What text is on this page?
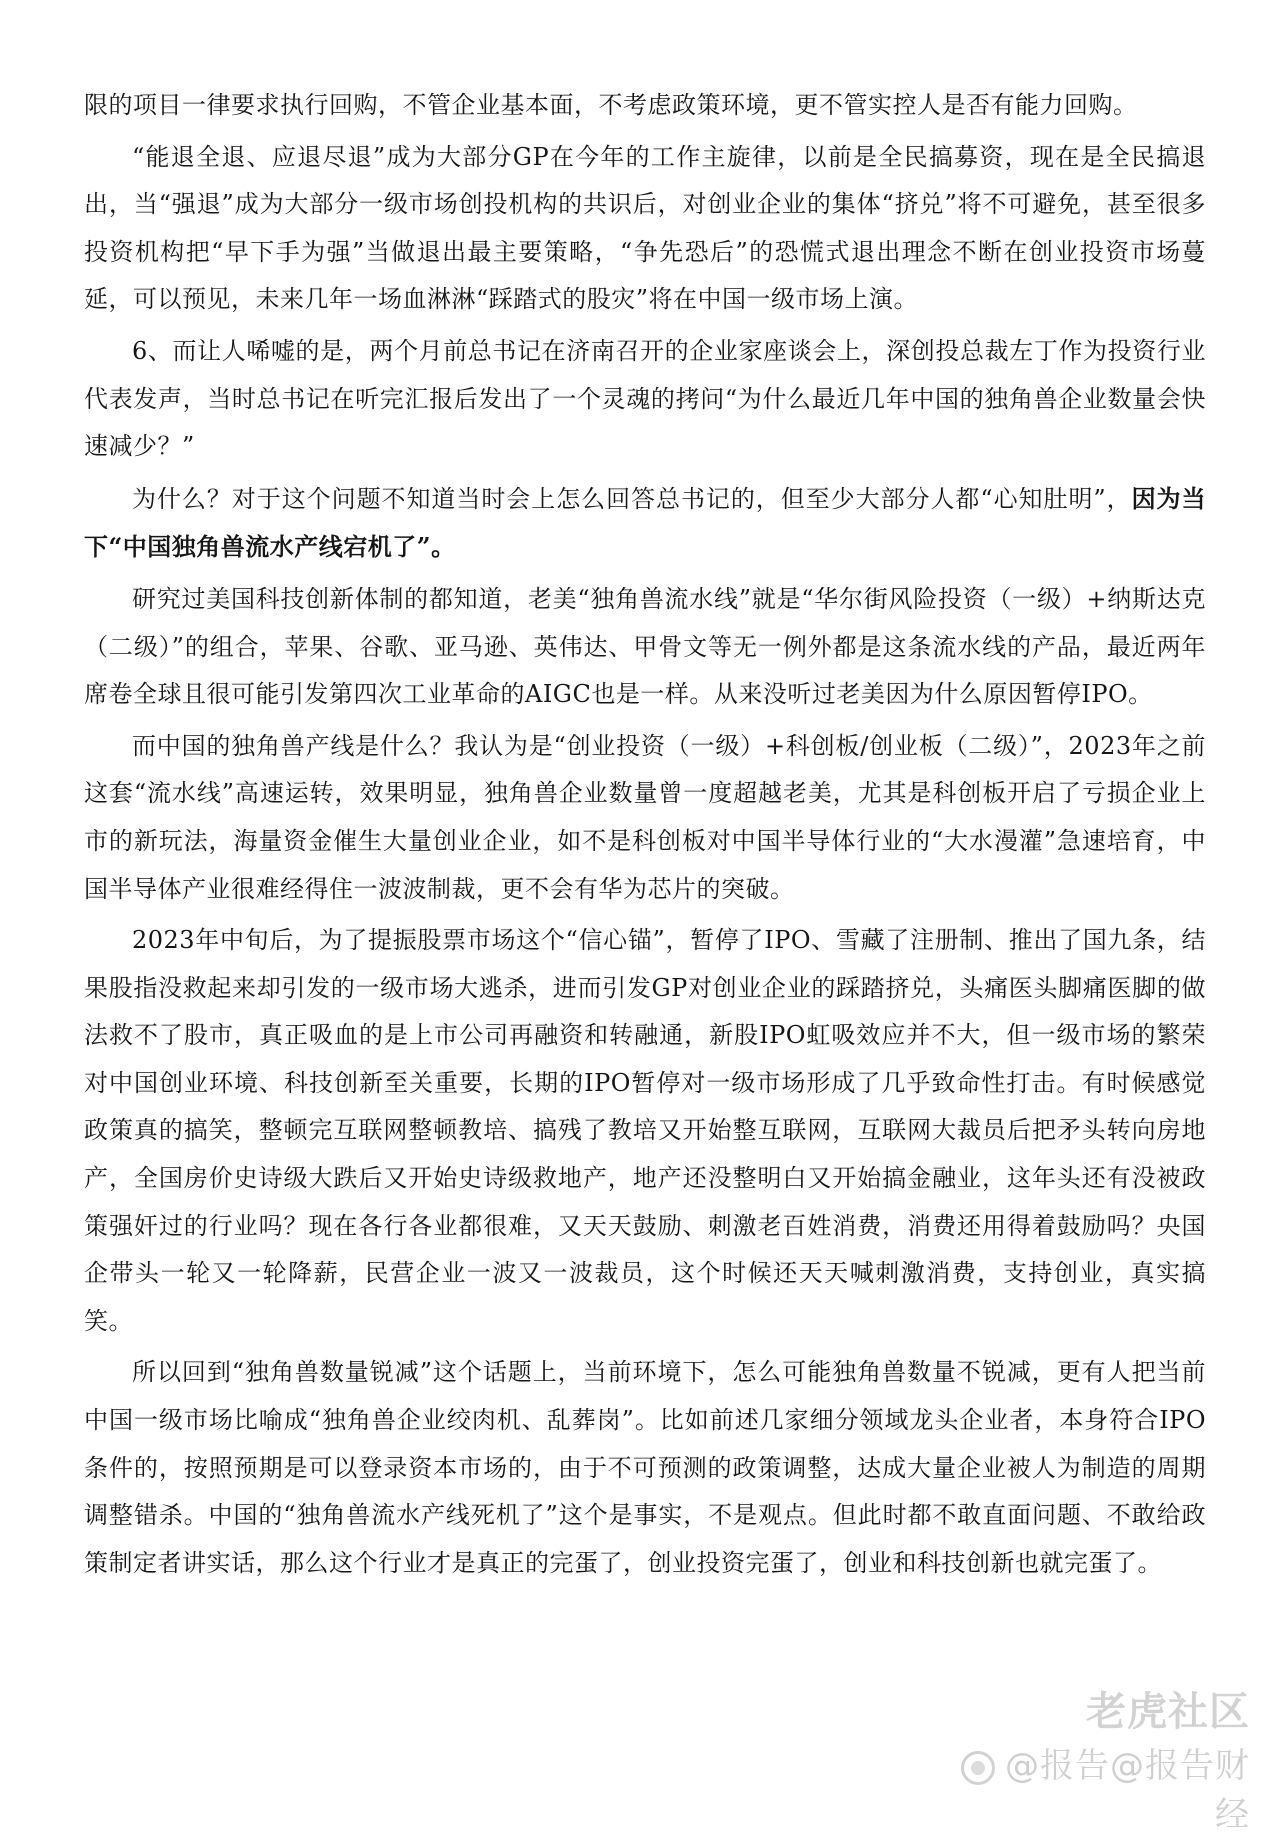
限的项目一律要求执行回购，不管企业基本面，不考虑政策环境，更不管实控人是否有能力回购。

“能退全退、应退尽退”成为大部分GP在今年的工作主旋律，以前是全民搞募资，现在是全民搞退出，当“强退”成为大部分一级市场创投机构的共识后，对创业企业的集体“挤兑”将不可避免，甚至很多投资机构把“早下手为强”当做退出最主要策略，“争先恐后”的恐慌式退出理念不断在创业投资市场蔓延，可以预见，未来几年一场血淋淋“踩踏式的股灾”将在中国一级市场上演。

6、而让人唏嘘的是，两个月前总书记在济南召开的企业家座谈会上，深创投总裁左丁作为投资行业代表发声，当时总书记在听完汇报后发出了一个灵魂的拷问“为什么最近几年中国的独角兽企业数量会快速减少？”

为什么？对于这个问题不知道当时会上怎么回答总书记的，但至少大部分人都“心知肚明”，因为当下“中国独角兽流水产线宕机了”。

研究过美国科技创新体制的都知道，老美“独角兽流水线”就是“华尔街风险投资（一级）+纳斯达克（二级）”的组合，苹果、谷歌、亚马逊、英伟达、甲骨文等无一例外都是这条流水线的产品，最近两年席卷全球且很可能引发第四次工业革命的AIGC也是一样。从来没听过老美因为什么原因暂停IPO。

而中国的独角兽产线是什么？我认为是“创业投资（一级）+科创板/创业板（二级）”，2023年之前这套“流水线”高速运转，效果明显，独角兽企业数量曾一度超越老美，尤其是科创板开启了亏损企业上市的新玩法，海量资金催生大量创业企业，如不是科创板对中国半导体行业的“大水漫灌”急速培育，中国半导体产业很难经得住一波波制裁，更不会有华为芯片的突破。

2023年中旬后，为了提振股票市场这个“信心锚”，暂停了IPO、雪藏了注册制、推出了国九条，结果股指没救起来却引发的一级市场大逃杀，进而引发GP对创业企业的踩踏挤兑，头痛医头脚痛医脚的做法救不了股市，真正吸血的是上市公司再融资和转融通，新股IPO虹吸效应并不大，但一级市场的繁荣对中国创业环境、科技创新至关重要，长期的IPO暂停对一级市场形成了几乎致命性打击。有时候感觉政策真的搞笑，整顿完互联网整顿教培、搞残了教培又开始整互联网，互联网大裁员后把矛头转向房地产，全国房价史诗级大跌后又开始史诗级救地产，地产还没整明白又开始搞金融业，这年头还有没被政策强奸过的行业吗？现在各行各业都很难，又天天鼓励、刺激老百姓消费，消费还用得着鼓励吗？央国企带头一轮又一轮降薪，民营企业一波又一波裁员，这个时候还天天喊刺激消费，支持创业，真实搞笑。

所以回到“独角兽数量锐减”这个话题上，当前环境下，怎么可能独角兽数量不锐减，更有人把当前中国一级市场比喻成“独角兽企业绞肉机、乱葬岗”。比如前述几家细分领域龙头企业者，本身符合IPO条件的，按照预期是可以登录资本市场的，由于不可预测的政策调整，达成大量企业被人为制造的周期调整错杀。中国的“独角兽流水产线死机了”这个是事实，不是观点。但此时都不敢直面问题、不敢给政策制定者讲实话，那么这个行业才是真正的完蛋了，创业投资完蛋了，创业和科技创新也就完蛋了。

老虎社区
@报告@报告财经
